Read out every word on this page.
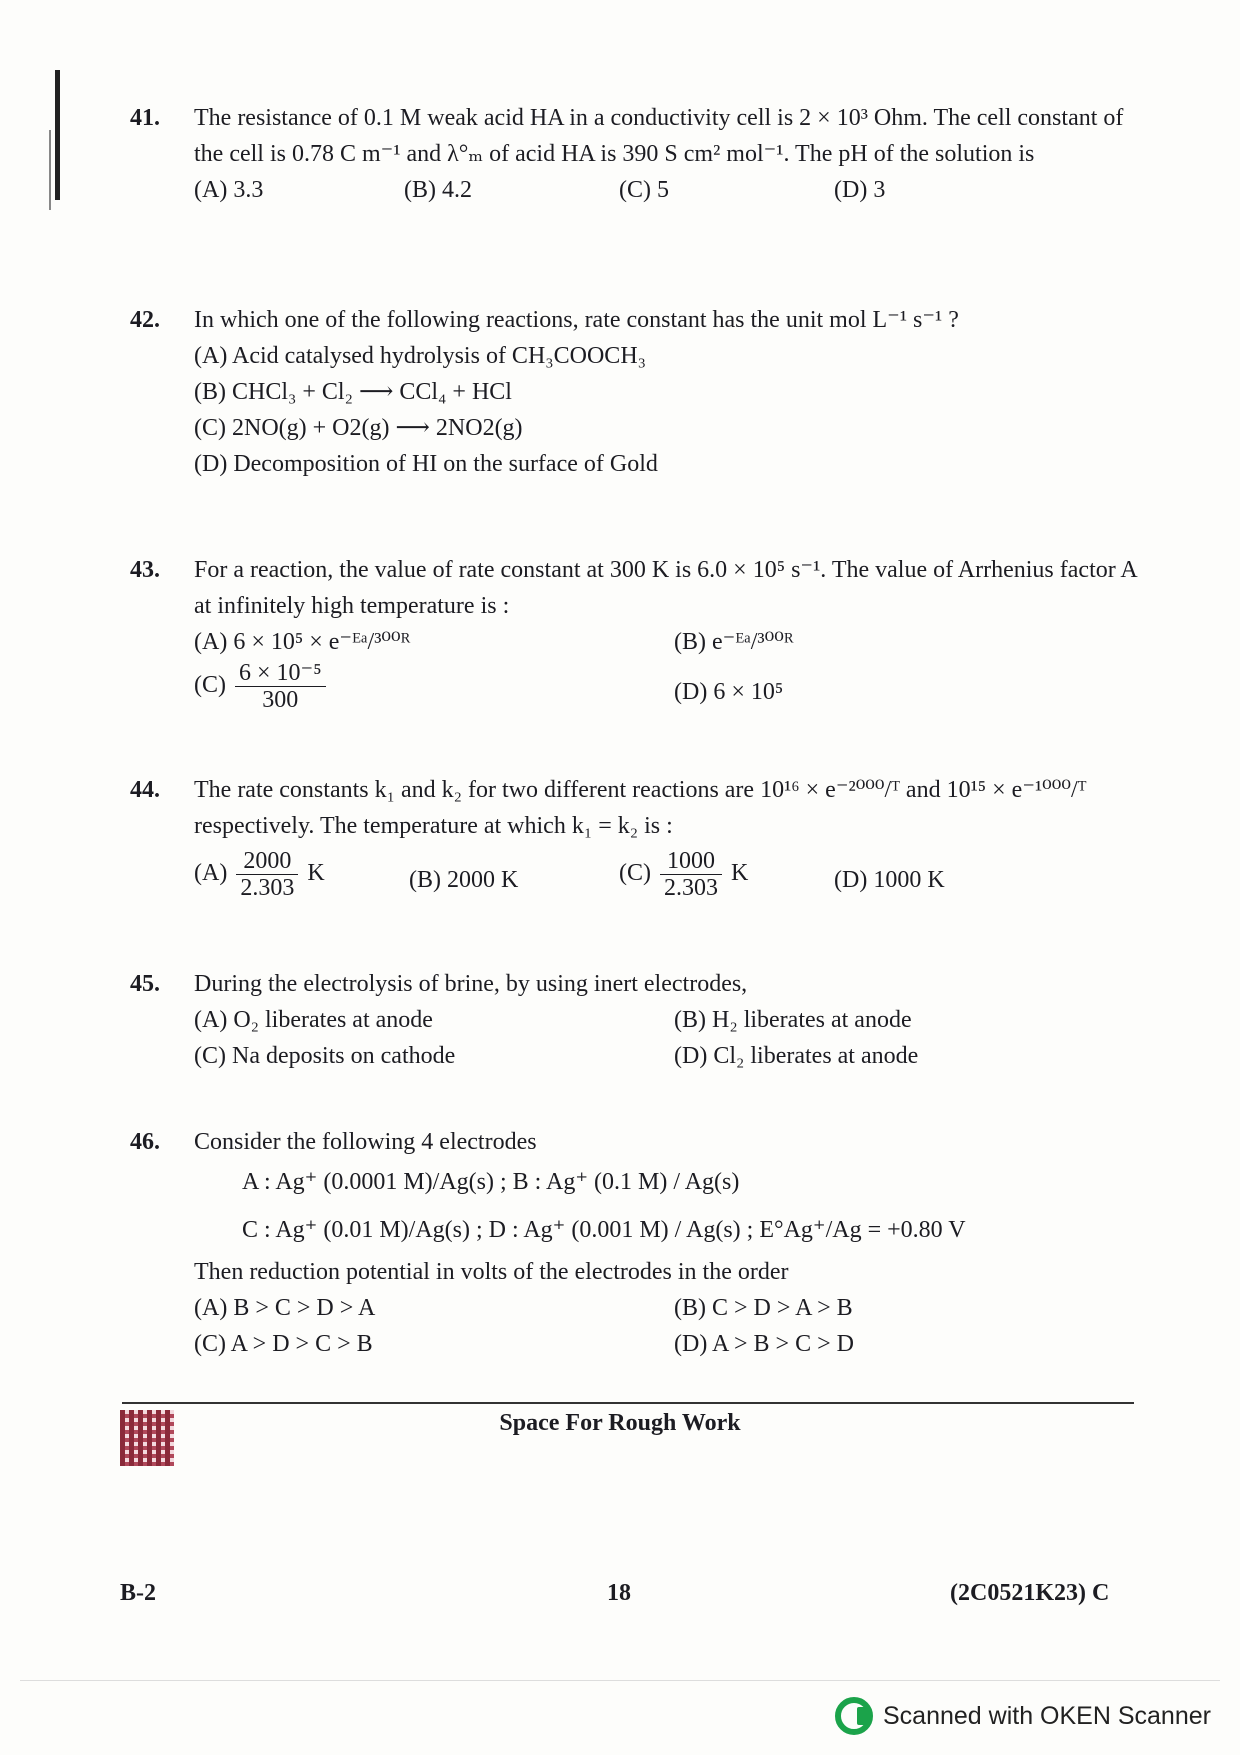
41. The resistance of 0.1 M weak acid HA in a conductivity cell is 2 × 10³ Ohm. The cell constant of the cell is 0.78 C m⁻¹ and λ°ₘ of acid HA is 390 S cm² mol⁻¹. The pH of the solution is
(A) 3.3	(B) 4.2	(C) 5	(D) 3
42. In which one of the following reactions, rate constant has the unit mol L⁻¹ s⁻¹ ?
(A) Acid catalysed hydrolysis of CH₃COOCH₃
(B) CHCl₃ + Cl₂ ⟶ CCl₄ + HCl
(C) 2NO(g) + O2(g) ⟶ 2NO2(g)
(D) Decomposition of HI on the surface of Gold
43. For a reaction, the value of rate constant at 300 K is 6.0 × 10⁵ s⁻¹. The value of Arrhenius factor A at infinitely high temperature is :
(A) 6 × 10⁵ × e⁻ᴱᵃ/³⁰⁰ᴿ	(B) e⁻ᴱᵃ/³⁰⁰ᴿ
$(C) \frac{\text{6 × 10⁻⁵}}{300}$	(D) 6 × 10⁵
44. The rate constants k₁ and k₂ for two different reactions are 10¹⁶ × e⁻²⁰⁰⁰/ᵀ and 10¹⁵ × e⁻¹⁰⁰⁰/ᵀ respectively. The temperature at which k₁ = k₂ is :
$(A) \frac{2000}{2.303}$ K	(B) 2000 K	$(C) \frac{1000}{2.303}$ K	(D) 1000 K
45. During the electrolysis of brine, by using inert electrodes,
(A) O₂ liberates at anode	(B) H₂ liberates at anode
(C) Na deposits on cathode	(D) Cl₂ liberates at anode
46. Consider the following 4 electrodes
A : Ag⁺ (0.0001 M)/Ag(s) ; B : Ag⁺ (0.1 M) / Ag(s)
C : Ag⁺ (0.01 M)/Ag(s) ; D : Ag⁺ (0.001 M) / Ag(s) ; E°Ag⁺/Ag = +0.80 V
Then reduction potential in volts of the electrodes in the order
(A) B > C > D > A	(B) C > D > A > B
(C) A > D > C > B	(D) A > B > C > D
Space For Rough Work
B-2	18	(2C0521K23) C
Scanned with OKEN Scanner
